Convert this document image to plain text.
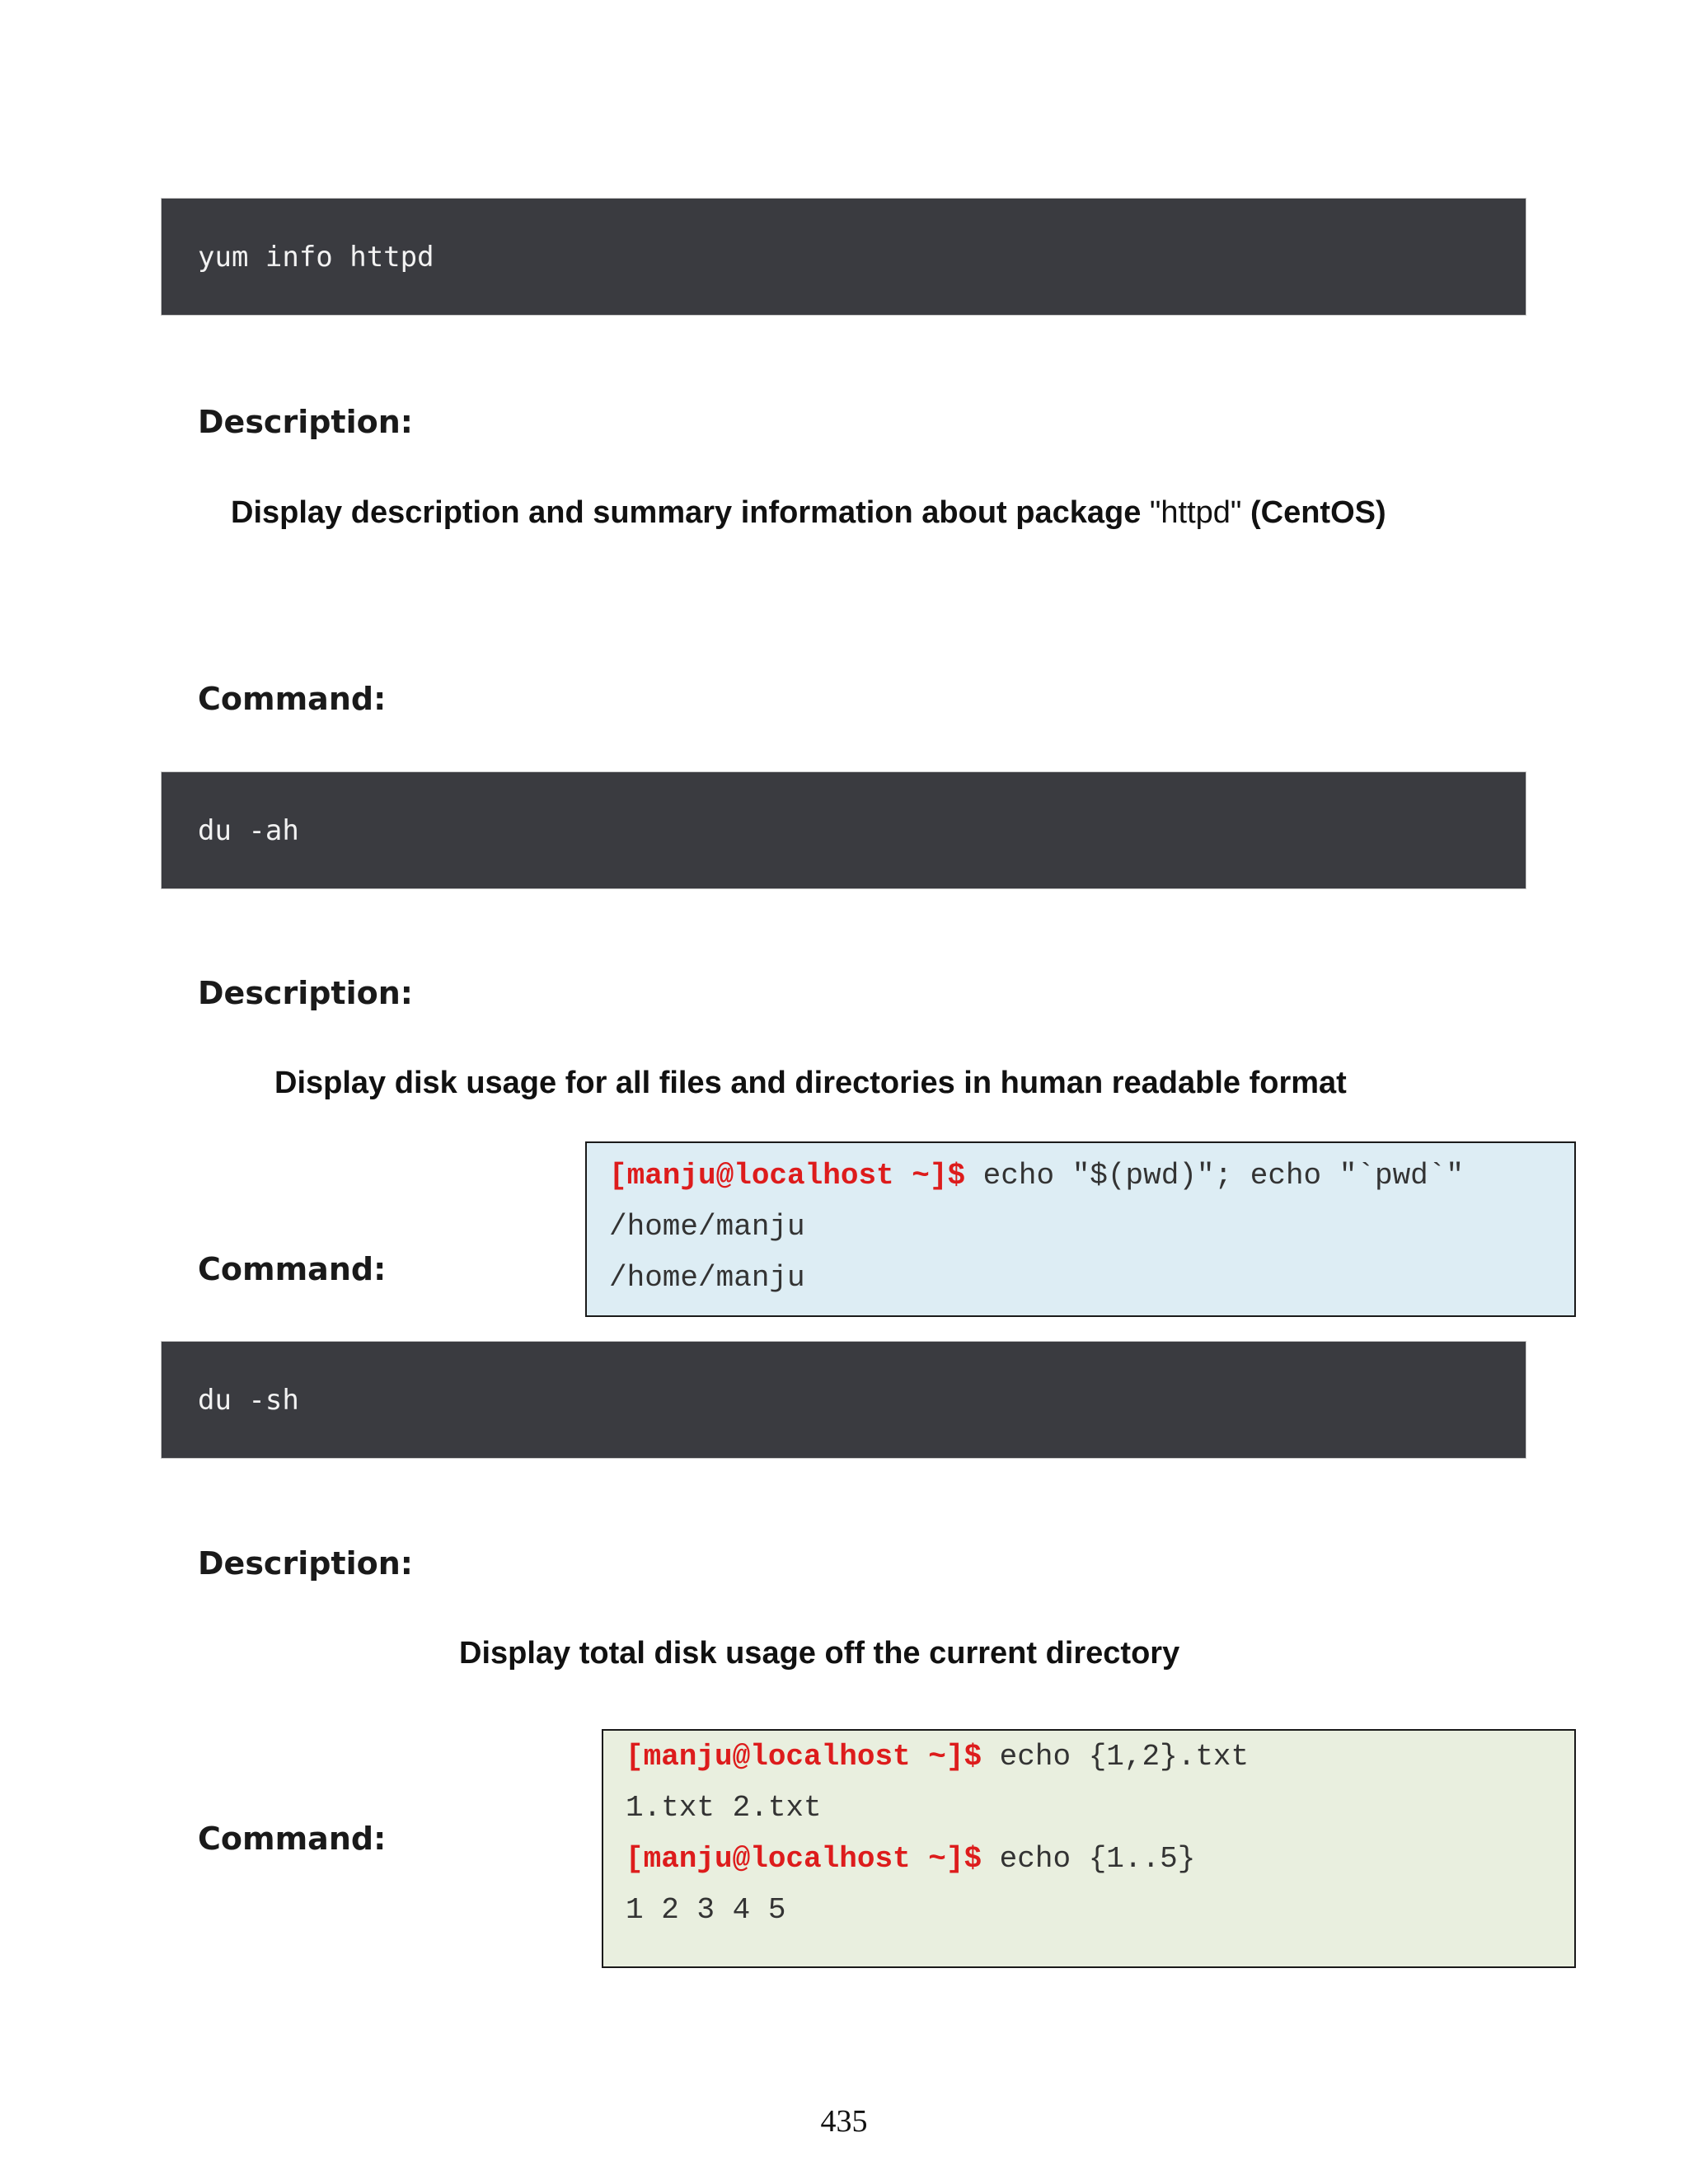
yum info httpd

Description:

Display description and summary information about package "httpd" (CentOS)

Command:

du -ah

Description:

Display disk usage for all files and directories in human readable format

[manju@localhost ~]$ echo "$(pwd)"; echo "`pwd`"
/home/manju
/home/manju

Command:

du -sh

Description:

Display total disk usage off the current directory

[manju@localhost ~]$ echo {1,2}.txt
1.txt 2.txt
[manju@localhost ~]$ echo {1..5}
1 2 3 4 5

Command:

435
